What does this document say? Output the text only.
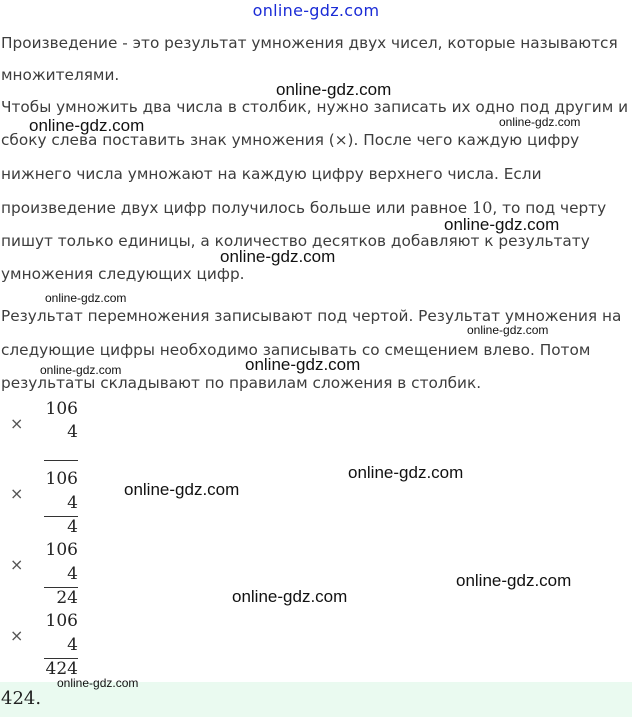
online-gdz.com

Произведение - это результат умножения двух чисел, которые называются

множителями.

Чтобы умножить два числа в столбик, нужно записать их одно под другим и

сбоку слева поставить знак умножения (×). После чего каждую цифру

нижнего числа умножают на каждую цифру верхнего числа. Если

произведение двух цифр получилось больше или равное 10, то под черту

пишут только единицы, а количество десятков добавляют к результату

умножения следующих цифр.

Результат перемножения записывают под чертой. Результат умножения на

следующие цифры необходимо записывать со смещением влево. Потом

результаты складывают по правилам сложения в столбик.

×
106
4
×
106
4
4
×
106
4
24
×
106
4
424
424.
online-gdz.com
online-gdz.com	online-gdz.com
online-gdz.com
online-gdz.com
online-gdz.com
online-gdz.com
online-gdz.com
online-gdz.com
online-gdz.com
online-gdz.com
online-gdz.com
online-gdz.com
online-gdz.com
